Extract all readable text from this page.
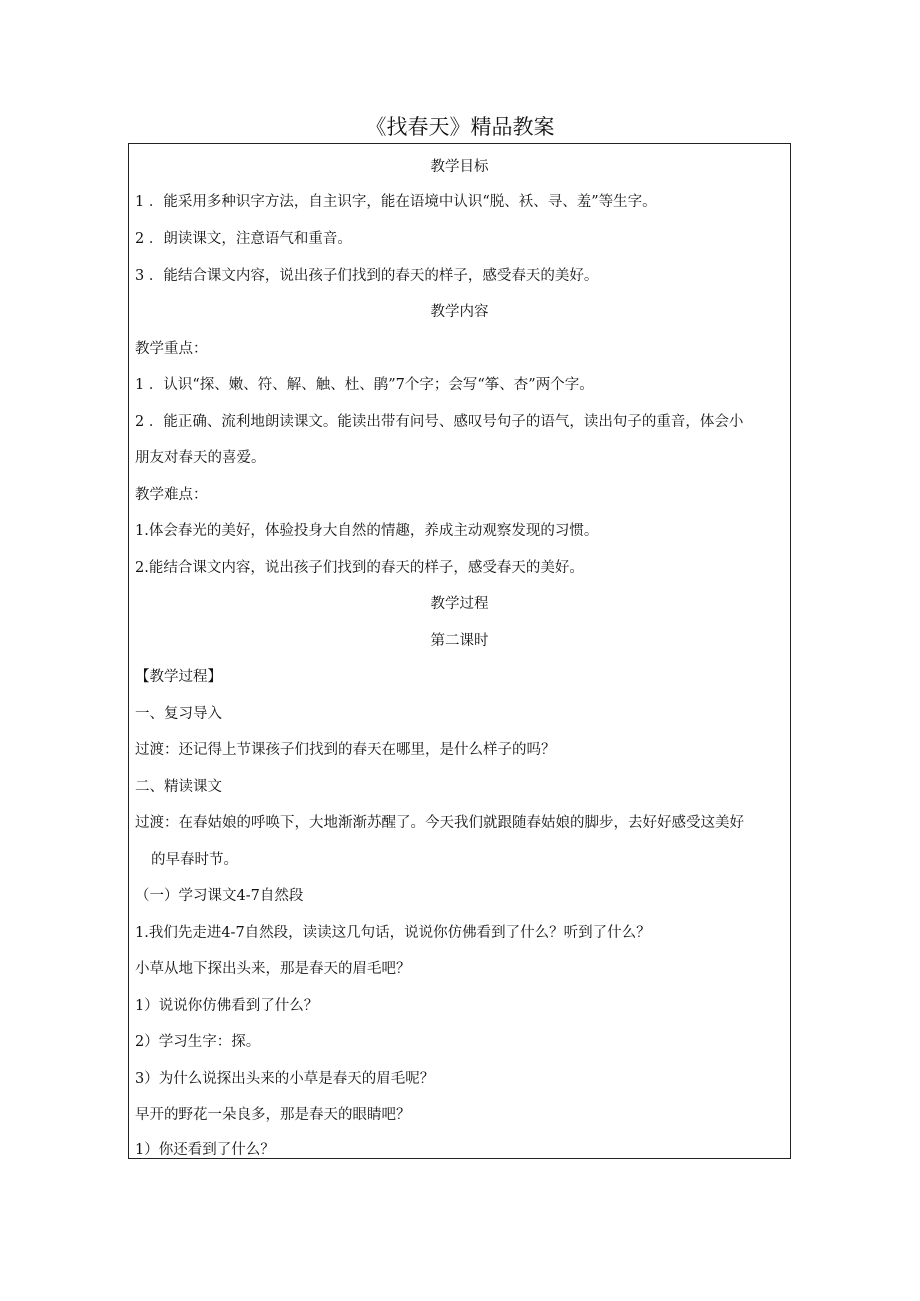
《找春天》精品教案
教学目标
1 ．能采用多种识字方法，自主识字，能在语境中认识“脱、袄、寻、羞”等生字。
2 ．朗读课文，注意语气和重音。
3 ．能结合课文内容，说出孩子们找到的春天的样子，感受春天的美好。
教学内容
教学重点：
1 ．认识“探、嫩、符、解、触、杜、鹃”7个字；会写“筝、杏”两个字。
2 ．能正确、流利地朗读课文。能读出带有问号、感叹号句子的语气，读出句子的重音，体会小
朋友对春天的喜爱。
教学难点：
1.体会春光的美好，体验投身大自然的情趣，养成主动观察发现的习惯。
2.能结合课文内容，说出孩子们找到的春天的样子，感受春天的美好。
教学过程
第二课时
【教学过程】
一、复习导入
过渡：还记得上节课孩子们找到的春天在哪里，是什么样子的吗？
二、精读课文
过渡：在春姑娘的呼唤下，大地渐渐苏醒了。今天我们就跟随春姑娘的脚步，去好好感受这美好
的早春时节。
（一）学习课文4-7自然段
1.我们先走进4-7自然段，读读这几句话，说说你仿佛看到了什么？听到了什么？
小草从地下探出头来，那是春天的眉毛吧？
1）说说你仿佛看到了什么？
2）学习生字：探。
3）为什么说探出头来的小草是春天的眉毛呢？
早开的野花一朵良多，那是春天的眼睛吧？
1）你还看到了什么？
